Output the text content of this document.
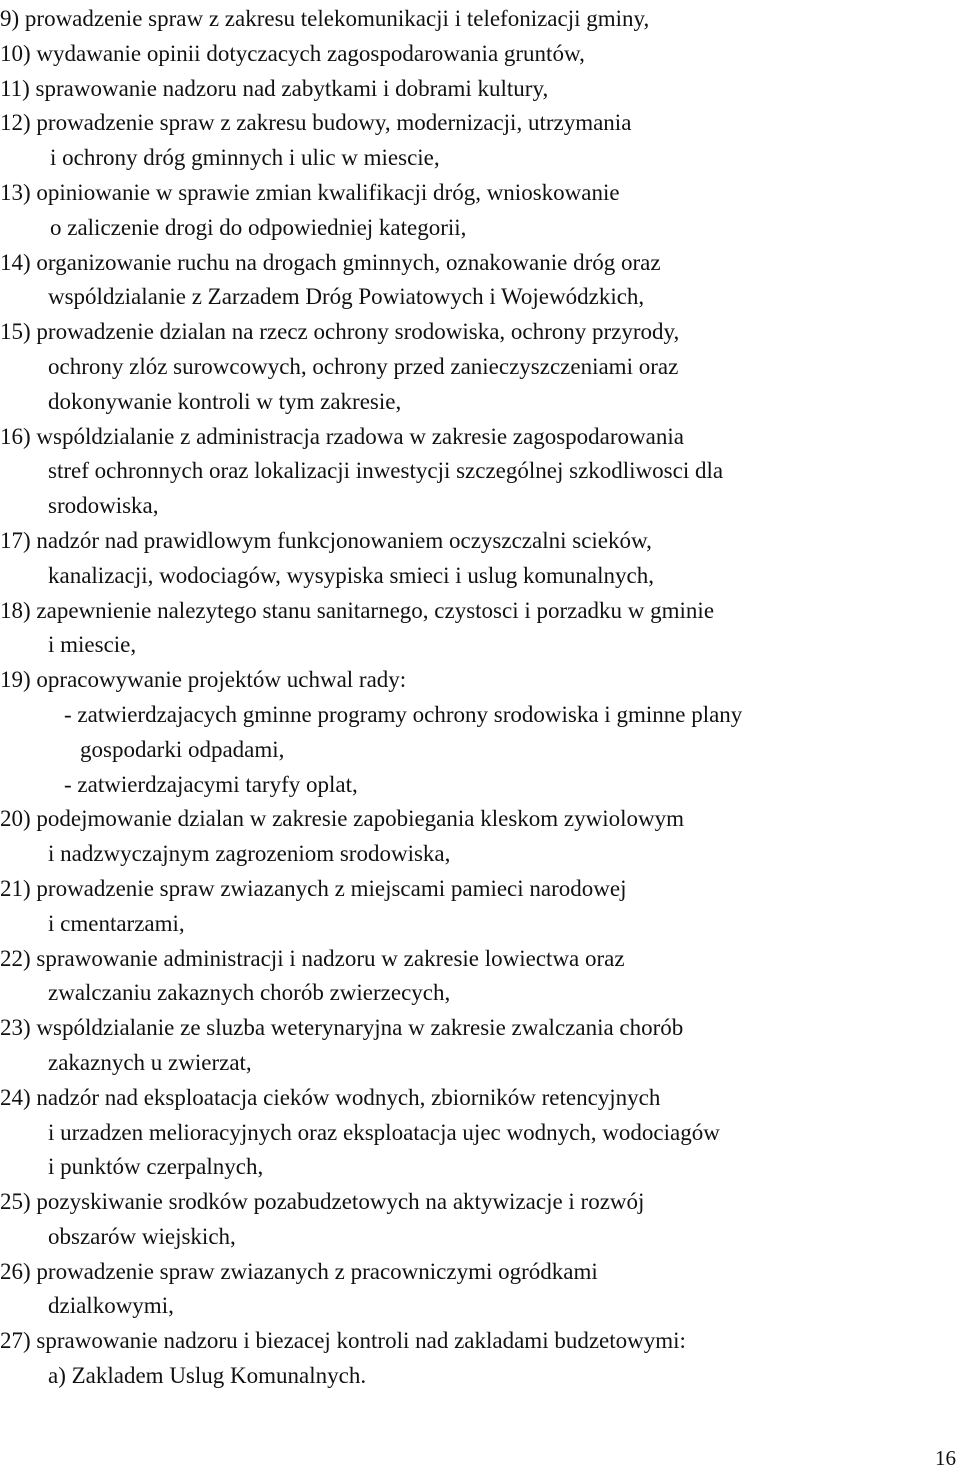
9) prowadzenie spraw z zakresu telekomunikacji i telefonizacji gminy,
10) wydawanie opinii dotyczacych zagospodarowania gruntów,
11) sprawowanie nadzoru nad zabytkami i dobrami kultury,
12) prowadzenie spraw z zakresu budowy, modernizacji, utrzymania
i ochrony dróg gminnych i ulic w miescie,
13) opiniowanie w sprawie zmian kwalifikacji dróg, wnioskowanie
o zaliczenie drogi do odpowiedniej kategorii,
14) organizowanie ruchu na drogach gminnych, oznakowanie dróg oraz
wspóldzialanie z Zarzadem Dróg Powiatowych i Wojewódzkich,
15) prowadzenie dzialan na rzecz ochrony srodowiska, ochrony przyrody,
ochrony zlóz surowcowych, ochrony przed zanieczyszczeniami oraz
dokonywanie kontroli w tym zakresie,
16) wspóldzialanie z administracja rzadowa w zakresie zagospodarowania
stref ochronnych oraz lokalizacji inwestycji szczególnej szkodliwosci dla
srodowiska,
17) nadzór nad prawidlowym funkcjonowaniem oczyszczalni scieków,
kanalizacji, wodociagów, wysypiska smieci i uslug komunalnych,
18) zapewnienie nalezytego stanu sanitarnego, czystosci i porzadku w gminie
i miescie,
19) opracowywanie projektów uchwal rady:
- zatwierdzajacych gminne programy ochrony srodowiska i gminne plany
gospodarki odpadami,
- zatwierdzajacymi taryfy oplat,
20) podejmowanie dzialan w zakresie zapobiegania kleskom zywiolowym
i nadzwyczajnym zagrozeniom srodowiska,
21) prowadzenie spraw zwiazanych z miejscami pamieci narodowej
i cmentarzami,
22) sprawowanie administracji i nadzoru w zakresie lowiectwa oraz
zwalczaniu zakaznych chorób zwierzecych,
23) wspóldzialanie ze sluzba weterynaryjna w zakresie zwalczania chorób
zakaznych u zwierzat,
24) nadzór nad eksploatacja cieków wodnych, zbiorników retencyjnych
i urzadzen melioracyjnych oraz eksploatacja ujec wodnych, wodociagów
i punktów czerpalnych,
25) pozyskiwanie srodków pozabudzetowych na aktywizacje i rozwój
obszarów wiejskich,
26) prowadzenie spraw zwiazanych z pracowniczymi ogródkami
dzialkowymi,
27) sprawowanie nadzoru i biezacej kontroli nad zakladami budzetowymi:
a) Zakladem Uslug Komunalnych.
16
